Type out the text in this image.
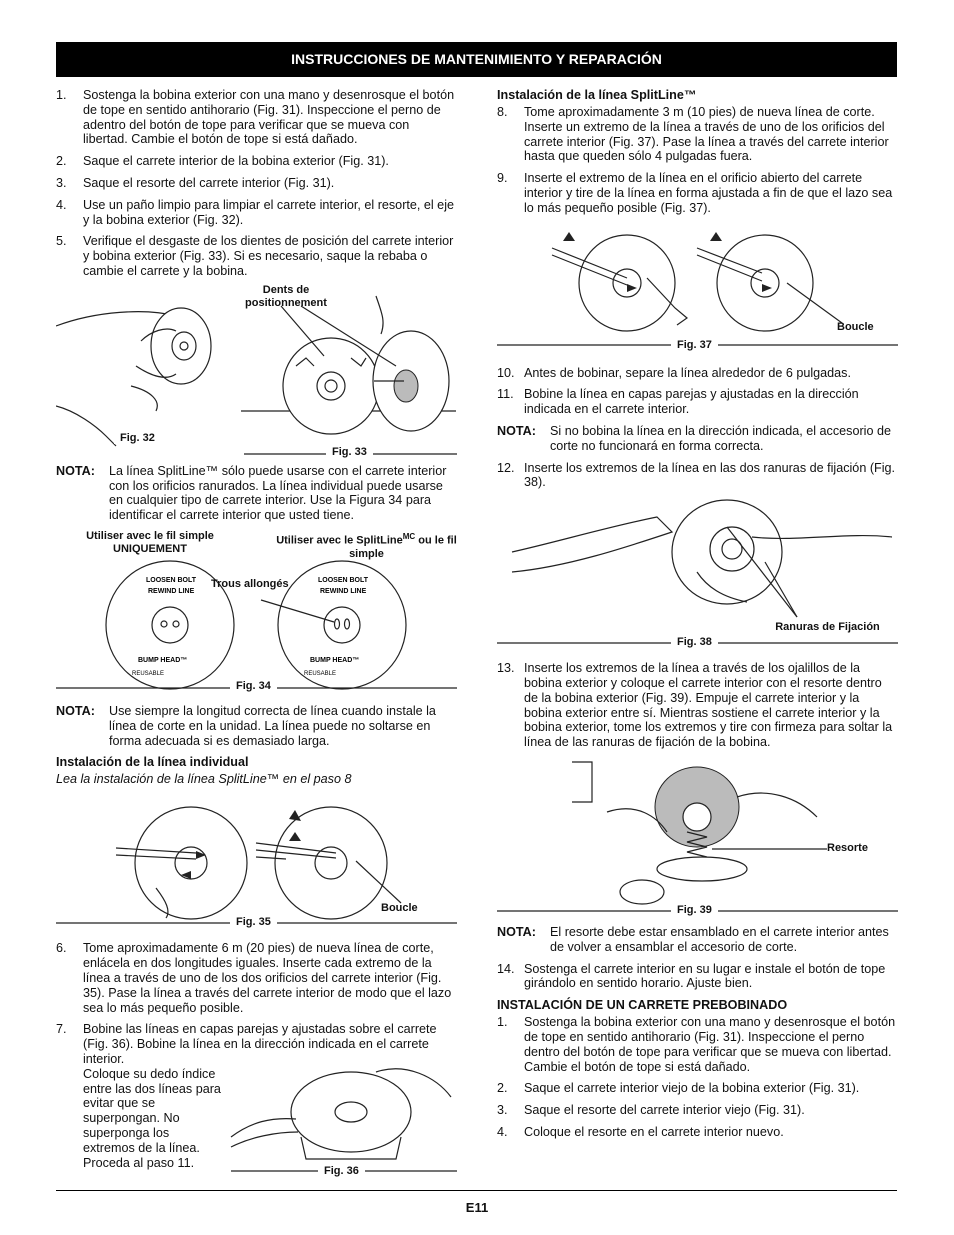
INSTRUCCIONES DE MANTENIMIENTO Y REPARACIÓN
1.	Sostenga la bobina exterior con una mano y desenrosque el botón de tope en sentido antihorario (Fig. 31). Inspeccione el perno de adentro del botón de tope para verificar que se mueva con libertad. Cambie el botón de tope si está dañado.
2.	Saque el carrete interior de la bobina exterior (Fig. 31).
3.	Saque el resorte del carrete interior (Fig. 31).
4.	Use un paño limpio para limpiar el carrete interior, el resorte, el eje y la bobina exterior (Fig. 32).
5.	Verifique el desgaste de los dientes de posición del carrete interior y bobina exterior (Fig. 33). Si es necesario, saque la rebaba o cambie el carrete y la bobina.
Dents de positionnement
Fig. 32
Fig. 33
NOTA:	La línea SplitLine™ sólo puede usarse con el carrete interior con los orificios ranurados. La línea individual puede usarse en cualquier tipo de carrete interior. Use la Figura 34 para identificar el carrete interior que usted tiene.
Utiliser avec le fil simple UNIQUEMENT
Utiliser avec le SplitLine$^{MC}$ ou le fil simple
LOOSEN BOLT
REWIND LINE
BUMP HEAD™
REUSABLE
LOOSEN BOLT
REWIND LINE
BUMP HEAD™
REUSABLE
Trous allongés
Fig. 34
NOTA:	Use siempre la longitud correcta de línea cuando instale la línea de corte en la unidad. La línea puede no soltarse en forma adecuada si es demasiado larga.
Instalación de la línea individual
Lea la instalación de la línea SplitLine™ en el paso 8
Boucle
Fig. 35
6.	Tome aproximadamente 6 m (20 pies) de nueva línea de corte, enlácela en dos longitudes iguales. Inserte cada extremo de la línea a través de uno de los dos orificios del carrete interior (Fig. 35). Pase la línea a través del carrete interior de modo que el lazo sea lo más pequeño posible.
7.	Bobine las líneas en capas parejas y ajustadas sobre el carrete (Fig. 36). Bobine la línea en la dirección indicada en el carrete interior.
Coloque su dedo índice entre las dos líneas para evitar que se superpongan. No superponga los extremos de la línea. Proceda al paso 11.
Fig. 36
Instalación de la línea SplitLine™
8.	Tome aproximadamente 3 m (10 pies) de nueva línea de corte. Inserte un extremo de la línea a través de uno de los orificios del carrete interior (Fig. 37). Pase la línea a través del carrete interior hasta que queden sólo 4 pulgadas fuera.
9.	Inserte el extremo de la línea en el orificio abierto del carrete interior y tire de la línea en forma ajustada a fin de que el lazo sea lo más pequeño posible (Fig. 37).
Boucle
Fig. 37
10. Antes de bobinar, separe la línea alrededor de 6 pulgadas.
11. Bobine la línea en capas parejas y ajustadas en la dirección indicada en el carrete interior.
NOTA:	Si no bobina la línea en la dirección indicada, el accesorio de corte no funcionará en forma correcta.
12. Inserte los extremos de la línea en las dos ranuras de fijación (Fig. 38).
Ranuras de Fijación
Fig. 38
13. Inserte los extremos de la línea a través de los ojalillos de la bobina exterior y coloque el carrete interior con el resorte dentro de la bobina exterior (Fig. 39). Empuje el carrete interior y la bobina exterior entre sí. Mientras sostiene el carrete interior y la bobina exterior, tome los extremos y tire con firmeza para soltar la línea de las ranuras de fijación de la bobina.
Resorte
Fig. 39
NOTA:	El resorte debe estar ensamblado en el carrete interior antes de volver a ensamblar el accesorio de corte.
14. Sostenga el carrete interior en su lugar e instale el botón de tope girándolo en sentido horario. Ajuste bien.
INSTALACIÓN DE UN CARRETE PREBOBINADO
1.	Sostenga la bobina exterior con una mano y desenrosque el botón de tope en sentido antihorario (Fig. 31). Inspeccione el perno dentro del botón de tope para verificar que se mueva con libertad. Cambie el botón de tope si está dañado.
2.	Saque el carrete interior viejo de la bobina exterior (Fig. 31).
3.	Saque el resorte del carrete interior viejo (Fig. 31).
4.	Coloque el resorte en el carrete interior nuevo.
E11
